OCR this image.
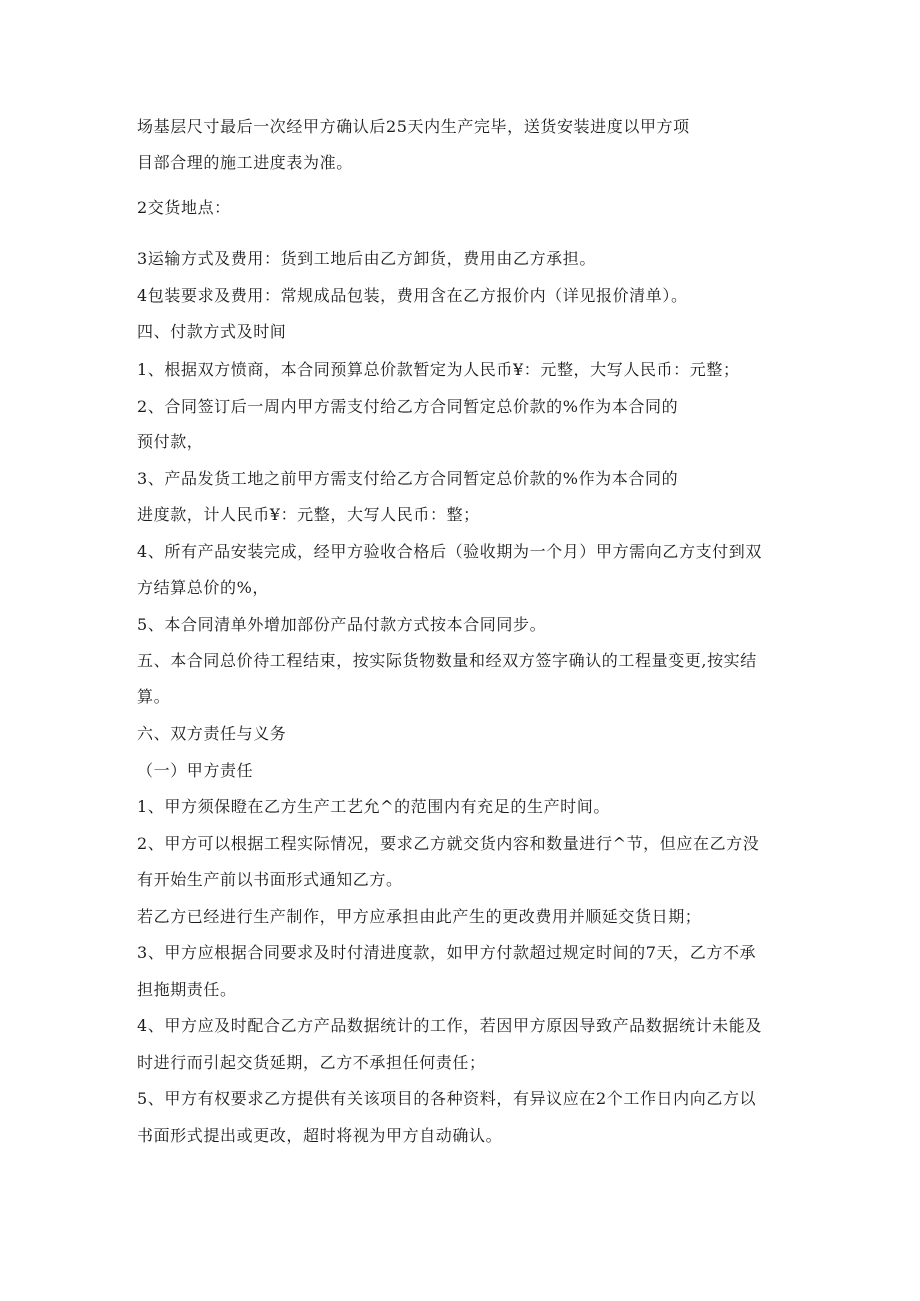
场基层尺寸最后一次经甲方确认后25天内生产完毕，送货安装进度以甲方项
目部合理的施工进度表为准。
2交货地点：
3运输方式及费用：货到工地后由乙方卸货，费用由乙方承担。
4包装要求及费用：常规成品包装，费用含在乙方报价内（详见报价清单）。
四、付款方式及时间
1、根据双方愤商，本合同预算总价款暂定为人民币¥：元整，大写人民币：元整；
2、合同签订后一周内甲方需支付给乙方合同暂定总价款的%作为本合同的
预付款，
3、产品发货工地之前甲方需支付给乙方合同暂定总价款的%作为本合同的
进度款，计人民币¥：元整，大写人民币：整；
4、所有产品安装完成，经甲方验收合格后（验收期为一个月）甲方需向乙方支付到双
方结算总价的%，
5、本合同清单外增加部份产品付款方式按本合同同步。
五、本合同总价待工程结束，按实际货物数量和经双方签字确认的工程量变更,按实结
算。
六、双方责任与义务
（一）甲方责任
1、甲方须保瞪在乙方生产工艺允^的范围内有充足的生产时间。
2、甲方可以根据工程实际情况，要求乙方就交货内容和数量进行^节，但应在乙方没
有开始生产前以书面形式通知乙方。
若乙方已经进行生产制作，甲方应承担由此产生的更改费用并顺延交货日期；
3、甲方应根据合同要求及时付清进度款，如甲方付款超过规定时间的7天，乙方不承
担拖期责任。
4、甲方应及时配合乙方产品数据统计的工作，若因甲方原因导致产品数据统计未能及
时进行而引起交货延期，乙方不承担任何责任；
5、甲方有权要求乙方提供有关该项目的各种资料，有异议应在2个工作日内向乙方以
书面形式提出或更改，超时将视为甲方自动确认。
